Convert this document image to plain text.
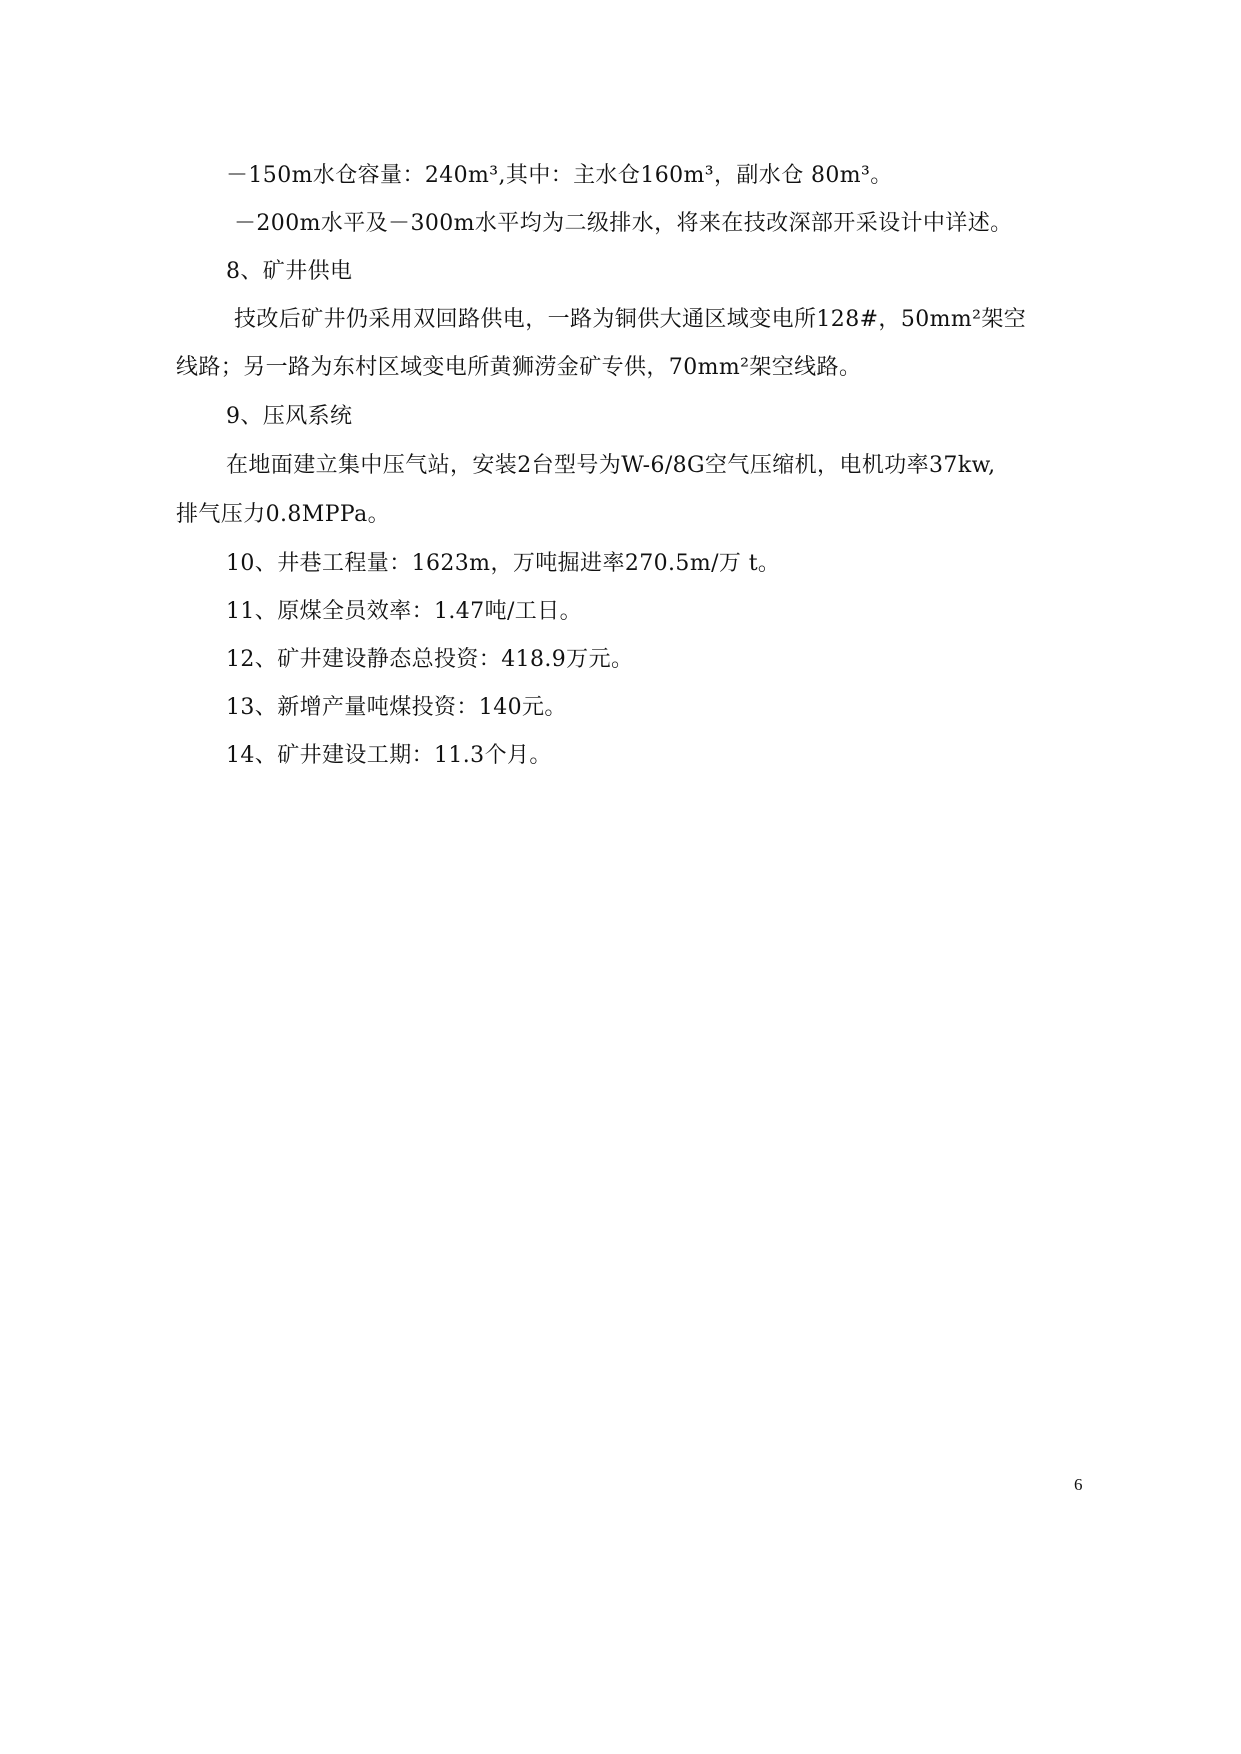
－150m水仓容量：240m³,其中：主水仓160m³，副水仓 80m³。
－200m水平及－300m水平均为二级排水，将来在技改深部开采设计中详述。
8、矿井供电
技改后矿井仍采用双回路供电，一路为铜供大通区域变电所128#，50mm²架空
线路；另一路为东村区域变电所黄狮涝金矿专供，70mm²架空线路。
9、压风系统
在地面建立集中压气站，安装2台型号为W-6/8G空气压缩机，电机功率37kw,
排气压力0.8MPPa。
10、井巷工程量：1623m，万吨掘进率270.5m/万 t。
11、原煤全员效率：1.47吨/工日。
12、矿井建设静态总投资：418.9万元。
13、新增产量吨煤投资：140元。
14、矿井建设工期：11.3个月。
6
